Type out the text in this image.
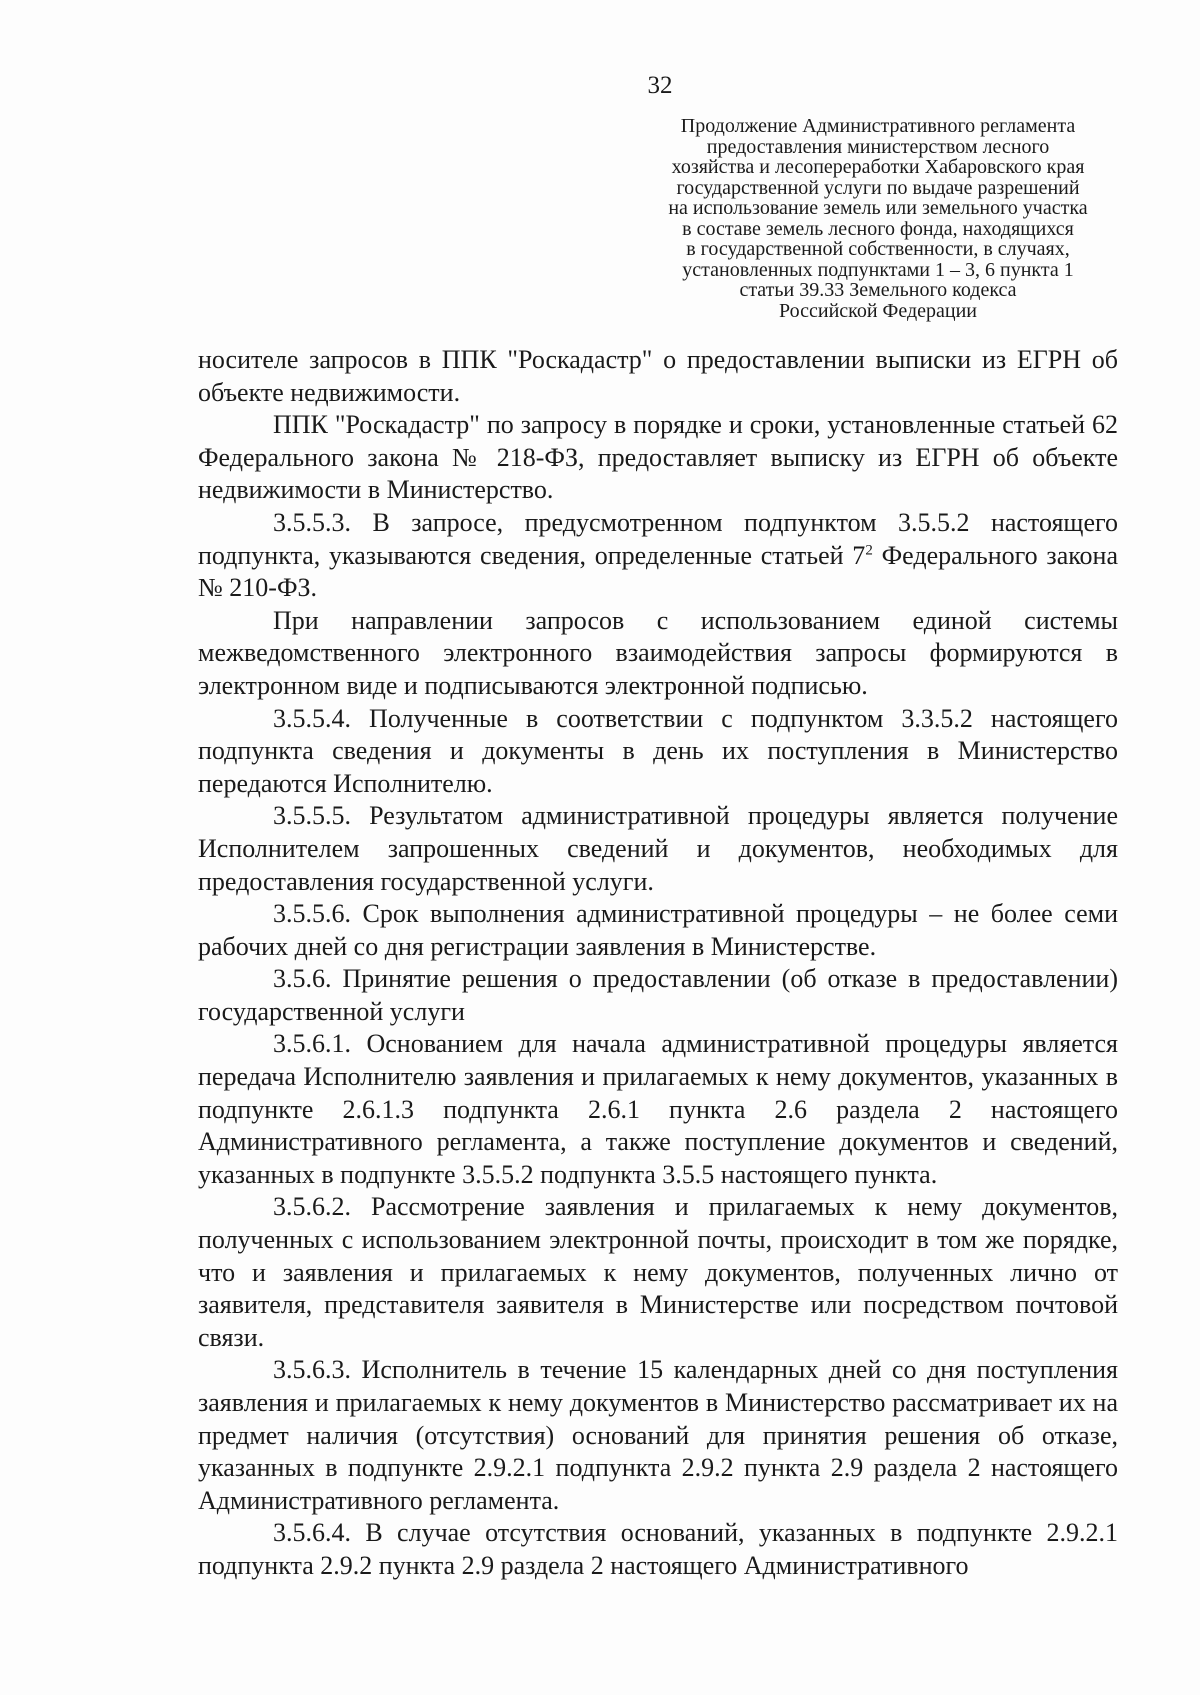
32
Продолжение Административного регламента
предоставления министерством лесного
хозяйства и лесопереработки Хабаровского края
государственной услуги по выдаче разрешений
на использование земель или земельного участка
в составе земель лесного фонда, находящихся
в государственной собственности, в случаях,
установленных подпунктами 1 – 3, 6 пункта 1
статьи 39.33 Земельного кодекса
Российской Федерации

носителе запросов в ППК "Роскадастр" о предоставлении выписки из ЕГРН об объекте недвижимости.

ППК "Роскадастр" по запросу в порядке и сроки, установленные статьей 62 Федерального закона № 218-ФЗ, предоставляет выписку из ЕГРН об объекте недвижимости в Министерство.

3.5.5.3. В запросе, предусмотренном подпунктом 3.5.5.2 настоящего подпункта, указываются сведения, определенные статьей $7^2$ Федерального закона № 210-ФЗ.

При направлении запросов с использованием единой системы межведомственного электронного взаимодействия запросы формируются в электронном виде и подписываются электронной подписью.

3.5.5.4. Полученные в соответствии с подпунктом 3.3.5.2 настоящего подпункта сведения и документы в день их поступления в Министерство передаются Исполнителю.

3.5.5.5. Результатом административной процедуры является получение Исполнителем запрошенных сведений и документов, необходимых для предоставления государственной услуги.

3.5.5.6. Срок выполнения административной процедуры – не более семи рабочих дней со дня регистрации заявления в Министерстве.

3.5.6. Принятие решения о предоставлении (об отказе в предоставлении) государственной услуги

3.5.6.1. Основанием для начала административной процедуры является передача Исполнителю заявления и прилагаемых к нему документов, указанных в подпункте 2.6.1.3 подпункта 2.6.1 пункта 2.6 раздела 2 настоящего Административного регламента, а также поступление документов и сведений, указанных в подпункте 3.5.5.2 подпункта 3.5.5 настоящего пункта.

3.5.6.2. Рассмотрение заявления и прилагаемых к нему документов, полученных с использованием электронной почты, происходит в том же порядке, что и заявления и прилагаемых к нему документов, полученных лично от заявителя, представителя заявителя в Министерстве или посредством почтовой связи.

3.5.6.3. Исполнитель в течение 15 календарных дней со дня поступления заявления и прилагаемых к нему документов в Министерство рассматривает их на предмет наличия (отсутствия) оснований для принятия решения об отказе, указанных в подпункте 2.9.2.1 подпункта 2.9.2 пункта 2.9 раздела 2 настоящего Административного регламента.

3.5.6.4. В случае отсутствия оснований, указанных в подпункте 2.9.2.1 подпункта 2.9.2 пункта 2.9 раздела 2 настоящего Административного
